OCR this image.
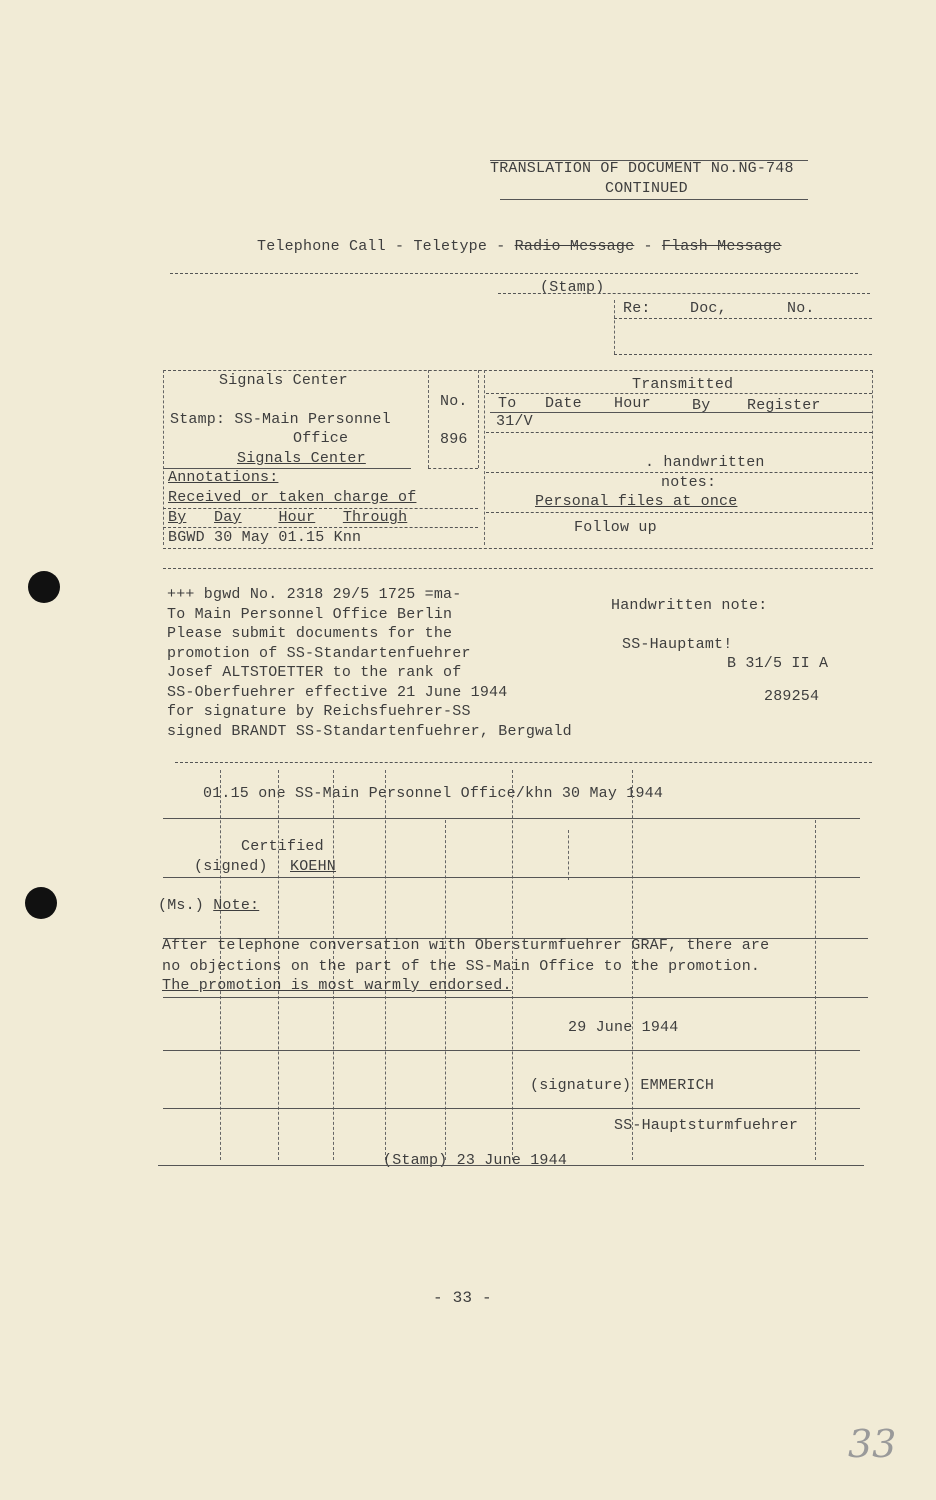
TRANSLATION OF DOCUMENT No.NG-748
CONTINUED
Telephone Call - Teletype - Radio Message - Flash Message
(Stamp)
Re:	Doc,	No.
Signals Center
Stamp: SS-Main Personnel
Office
Signals Center
No.
896
Transmitted
To Date Hour	By Register
31/V
. handwritten
notes:
Personal files at once
Follow up
Annotations:
Received or taken charge of
By Day Hour Through
BGWD 30 May 01.15 Knn
+++ bgwd No. 2318 29/5 1725 =ma-
To Main Personnel Office Berlin
Please submit documents for the
promotion of SS-Standartenfuehrer
Josef ALTSTOETTER to the rank of
SS-Oberfuehrer effective 21 June 1944
for signature by Reichsfuehrer-SS
signed BRANDT SS-Standartenfuehrer, Bergwald
Handwritten note:
SS-Hauptamt!
B 31/5 II A
289254
01.15 one SS-Main Personnel Office/khn 30 May 1944
Certified
(signed) KOEHN
(Ms.) Note:
After telephone conversation with Obersturmfuehrer GRAF, there are
no objections on the part of the SS-Main Office to the promotion.
The promotion is most warmly endorsed.
29 June 1944
(signature) EMMERICH
SS-Hauptsturmfuehrer
(Stamp) 23 June 1944
- 33 -
33
